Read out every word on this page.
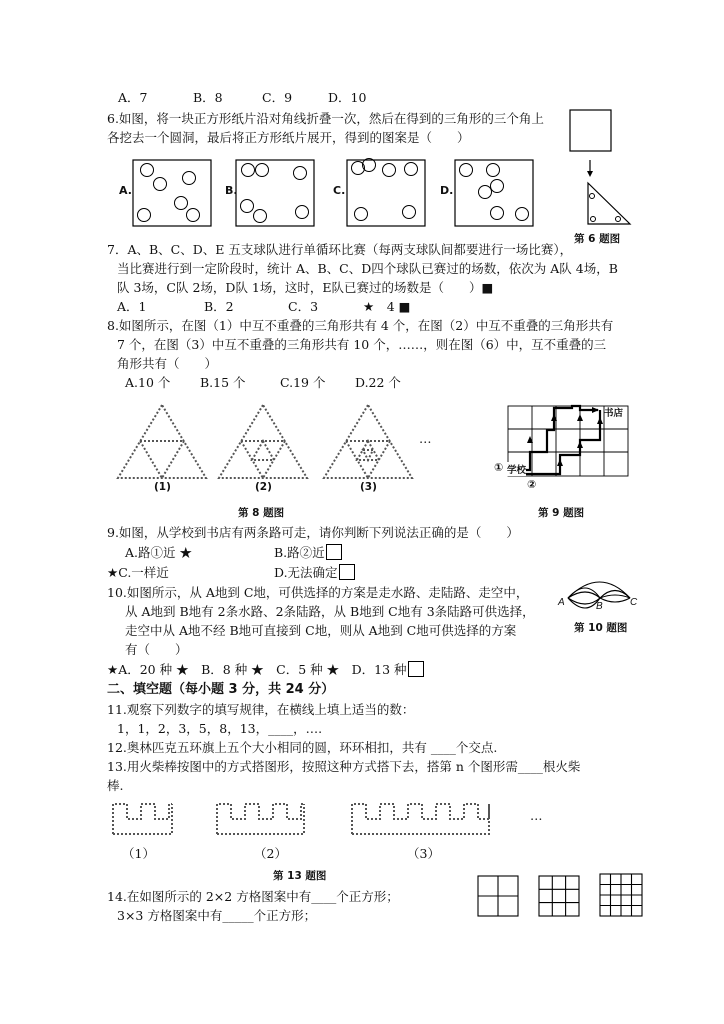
A．7	B．8	C．9	D．10
6.如图，将一块正方形纸片沿对角线折叠一次，然后在得到的三角形的三个角上
各挖去一个圆洞，最后将正方形纸片展开，得到的图案是（　　）
A.	B.	C.	D.
第 6 题图
7．A、B、C、D、E 五支球队进行单循环比赛（每两支球队间都要进行一场比赛），
当比赛进行到一定阶段时，统计 A、B、C、D四个球队已赛过的场数，依次为 A队 4场，B
队 3场，C队 2场，D队 1场，这时，E队已赛过的场数是（　　）■
A．1	B．2	C．3	★　4 ■
8.如图所示，在图（1）中互不重叠的三角形共有 4 个，在图（2）中互不重叠的三角形共有
7 个，在图（3）中互不重叠的三角形共有 10 个，……，则在图（6）中，互不重叠的三
角形共有（　　）
A.10 个 B.15 个	C.19 个 D.22 个
(1)	(2)	(3)
…
第 8 题图
书店
学校
①
②
第 9 题图
9.如图，从学校到书店有两条路可走，请你判断下列说法正确的是（　　）
A.路①近 ★	B.路②近
★C.一样近	D.无法确定
10.如图所示，从 A地到 C地，可供选择的方案是走水路、走陆路、走空中，
从 A地到 B地有 2条水路、2条陆路，从 B地到 C地有 3条陆路可供选择，
走空中从 A地不经 B地可直接到 C地，则从 A地到 C地可供选择的方案
有（　　）
★A．20 种 ★　B．8 种 ★　C．5 种 ★　D．13 种
A	B	C
第 10 题图
二、填空题（每小题 3 分，共 24 分）
11.观察下列数字的填写规律，在横线上填上适当的数：
1，1，2，3，5，8，13，____，….
12.奥林匹克五环旗上五个大小相同的圆，环环相扣，共有 ____个交点.
13.用火柴棒按图中的方式搭图形，按照这种方式搭下去，搭第 n 个图形需____根火柴
棒.
…
（1）	（2）	（3）
第 13 题图
14.在如图所示的 2×2 方格图案中有____个正方形；
3×3 方格图案中有_____个正方形；
